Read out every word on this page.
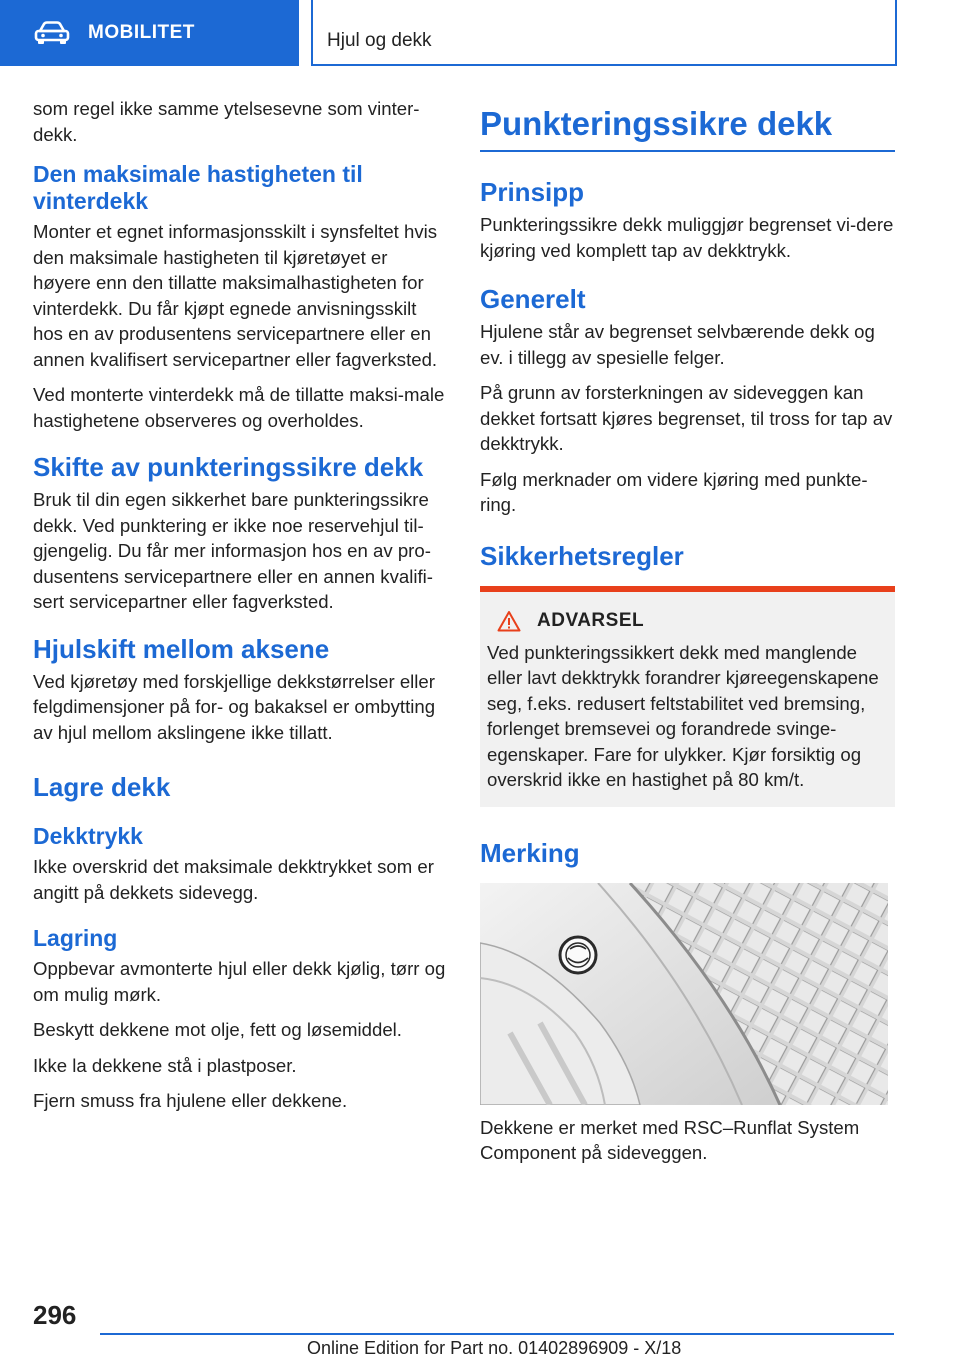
MOBILITET	Hjul og dekk

som regel ikke samme ytelsesevne som vinter-dekk.

Den maksimale hastigheten til vinterdekk

Monter et egnet informasjonsskilt i synsfeltet hvis den maksimale hastigheten til kjøretøyet er høyere enn den tillatte maksimalhastigheten for vinterdekk. Du får kjøpt egnede anvisningsskilt hos en av produsentens servicepartnere eller en annen kvalifisert servicepartner eller fagverksted.

Ved monterte vinterdekk må de tillatte maksi-male hastighetene observeres og overholdes.

Skifte av punkteringssikre dekk

Bruk til din egen sikkerhet bare punkteringssikre dekk. Ved punktering er ikke noe reservehjul til-gjengelig. Du får mer informasjon hos en av pro-dusentens servicepartnere eller en annen kvalifi-sert servicepartner eller fagverksted.

Hjulskift mellom aksene

Ved kjøretøy med forskjellige dekkstørrelser eller felgdimensjoner på for- og bakaksel er ombytting av hjul mellom akslingene ikke tillatt.

Lagre dekk
Dekktrykk

Ikke overskrid det maksimale dekktrykket som er angitt på dekkets sidevegg.

Lagring

Oppbevar avmonterte hjul eller dekk kjølig, tørr og om mulig mørk.

Beskytt dekkene mot olje, fett og løsemiddel.

Ikke la dekkene stå i plastposer.

Fjern smuss fra hjulene eller dekkene.

Punkteringssikre dekk
Prinsipp

Punkteringssikre dekk muliggjør begrenset vi-dere kjøring ved komplett tap av dekktrykk.

Generelt

Hjulene står av begrenset selvbærende dekk og ev. i tillegg av spesielle felger.

På grunn av forsterkningen av sideveggen kan dekket fortsatt kjøres begrenset, til tross for tap av dekktrykk.

Følg merknader om videre kjøring med punkte-ring.

Sikkerhetsregler
ADVARSEL

Ved punkteringssikkert dekk med manglende eller lavt dekktrykk forandrer kjøreegenskapene seg, f.eks. redusert feltstabilitet ved bremsing, forlenget bremsevei og forandrede svinge-egenskaper. Fare for ulykker. Kjør forsiktig og overskrid ikke en hastighet på 80 km/t.

Merking

Dekkene er merket med RSC–Runflat System Component på sideveggen.

296
Online Edition for Part no. 01402896909 - X/18
